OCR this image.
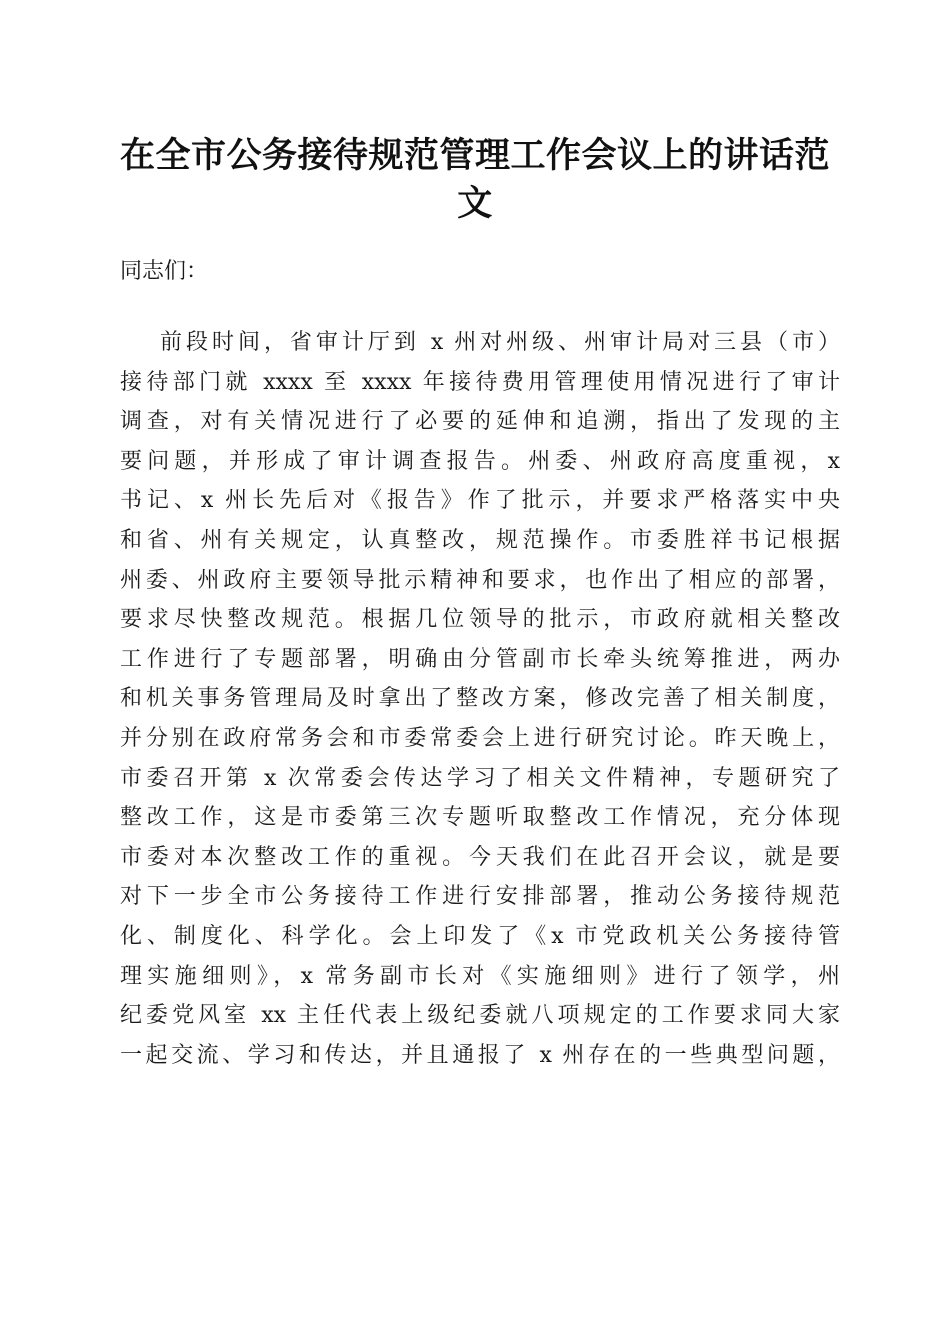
在全市公务接待规范管理工作会议上的讲话范文

同志们：

前段时间，省审计厅到 x 州对州级、州审计局对三县（市）
接待部门就 xxxx 至 xxxx 年接待费用管理使用情况进行了审计
调查，对有关情况进行了必要的延伸和追溯，指出了发现的主
要问题，并形成了审计调查报告。州委、州政府高度重视，x
书记、x 州长先后对《报告》作了批示，并要求严格落实中央
和省、州有关规定，认真整改，规范操作。市委胜祥书记根据
州委、州政府主要领导批示精神和要求，也作出了相应的部署，
要求尽快整改规范。根据几位领导的批示，市政府就相关整改
工作进行了专题部署，明确由分管副市长牵头统筹推进，两办
和机关事务管理局及时拿出了整改方案，修改完善了相关制度，
并分别在政府常务会和市委常委会上进行研究讨论。昨天晚上，
市委召开第 x 次常委会传达学习了相关文件精神，专题研究了
整改工作，这是市委第三次专题听取整改工作情况，充分体现
市委对本次整改工作的重视。今天我们在此召开会议，就是要
对下一步全市公务接待工作进行安排部署，推动公务接待规范
化、制度化、科学化。会上印发了《x 市党政机关公务接待管
理实施细则》，x 常务副市长对《实施细则》进行了领学，州
纪委党风室 xx 主任代表上级纪委就八项规定的工作要求同大家
一起交流、学习和传达，并且通报了 x 州存在的一些典型问题，
